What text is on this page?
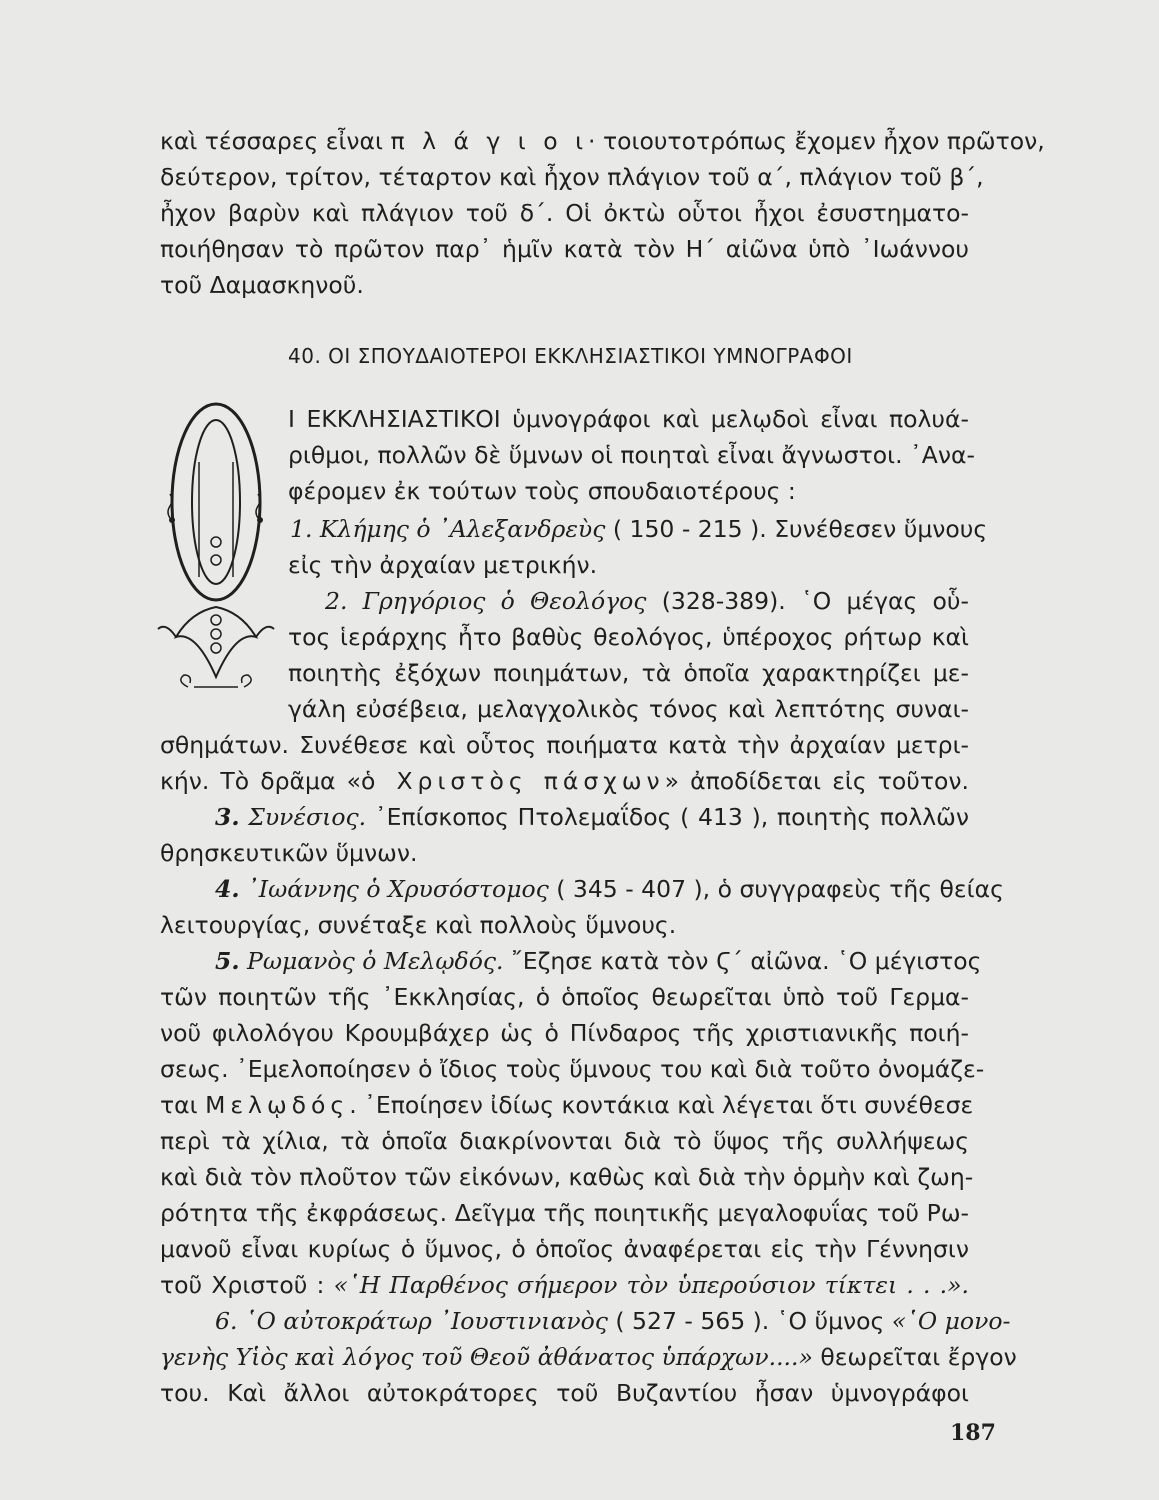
καὶ τέσσαρες εἶναι π λ ά γ ι ο ι· τοιουτοτρόπως ἔχομεν ἦχον πρῶτον,
δεύτερον, τρίτον, τέταρτον καὶ ἦχον πλάγιον τοῦ α΄, πλάγιον τοῦ β΄,
ἦχον βαρὺν καὶ πλάγιον τοῦ δ΄. Οἱ ὀκτὼ οὗτοι ἦχοι ἐσυστηματο-
ποιήθησαν τὸ πρῶτον παρ᾽ ἡμῖν κατὰ τὸν Η΄ αἰῶνα ὑπὸ ᾽Ιωάννου
τοῦ Δαμασκηνοῦ.
40. ΟΙ ΣΠΟΥΔΑΙΟΤΕΡΟΙ ΕΚΚΛΗΣΙΑΣΤΙΚΟΙ ΥΜΝΟΓΡΑΦΟΙ
Ι ΕΚΚΛΗΣΙΑΣΤΙΚΟΙ ὑμνογράφοι καὶ μελῳδοὶ εἶναι πολυά-
ριθμοι, πολλῶν δὲ ὕμνων οἱ ποιηταὶ εἶναι ἄγνωστοι. ᾽Ανα-
φέρομεν ἐκ τούτων τοὺς σπουδαιοτέρους :
1. Κλήμης ὁ ᾽Αλεξανδρεὺς ( 150 - 215 ). Συνέθεσεν ὕμνους
εἰς τὴν ἀρχαίαν μετρικήν.
2. Γρηγόριος ὁ Θεολόγος (328-389). ῾Ο μέγας οὗ-
τος ἱεράρχης ἦτο βαθὺς θεολόγος, ὑπέροχος ρήτωρ καὶ
ποιητὴς ἐξόχων ποιημάτων, τὰ ὁποῖα χαρακτηρίζει με-
γάλη εὐσέβεια, μελαγχολικὸς τόνος καὶ λεπτότης συναι-
σθημάτων. Συνέθεσε καὶ οὗτος ποιήματα κατὰ τὴν ἀρχαίαν μετρι-
κήν. Τὸ δρᾶμα «ὁ Χριστὸς πάσχων» ἀποδίδεται εἰς τοῦτον.
3. Συνέσιος. ᾽Επίσκοπος Πτολεμαΐδος ( 413 ), ποιητὴς πολλῶν
θρησκευτικῶν ὕμνων.
4. ᾽Ιωάννης ὁ Χρυσόστομος ( 345 - 407 ), ὁ συγγραφεὺς τῆς θείας
λειτουργίας, συνέταξε καὶ πολλοὺς ὕμνους.
5. Ρωμανὸς ὁ Μελῳδός. ῎Εζησε κατὰ τὸν Ϛ΄ αἰῶνα. ῾Ο μέγιστος
τῶν ποιητῶν τῆς ᾽Εκκλησίας, ὁ ὁποῖος θεωρεῖται ὑπὸ τοῦ Γερμα-
νοῦ φιλολόγου Κρουμβάχερ ὡς ὁ Πίνδαρος τῆς χριστιανικῆς ποιή-
σεως. ᾽Εμελοποίησεν ὁ ἴδιος τοὺς ὕμνους του καὶ διὰ τοῦτο ὀνομάζε-
ται Μελῳδός. ᾽Εποίησεν ἰδίως κοντάκια καὶ λέγεται ὅτι συνέθεσε
περὶ τὰ χίλια, τὰ ὁποῖα διακρίνονται διὰ τὸ ὕψος τῆς συλλήψεως
καὶ διὰ τὸν πλοῦτον τῶν εἰκόνων, καθὼς καὶ διὰ τὴν ὁρμὴν καὶ ζωη-
ρότητα τῆς ἐκφράσεως. Δεῖγμα τῆς ποιητικῆς μεγαλοφυΐας τοῦ Ρω-
μανοῦ εἶναι κυρίως ὁ ὕμνος, ὁ ὁποῖος ἀναφέρεται εἰς τὴν Γέννησιν
τοῦ Χριστοῦ : «῾Η Παρθένος σήμερον τὸν ὑπερούσιον τίκτει . . .».
6. ῾Ο αὐτοκράτωρ ᾽Ιουστινιανὸς ( 527 - 565 ). ῾Ο ὕμνος «῾Ο μονο-
γενὴς Υἱὸς καὶ λόγος τοῦ Θεοῦ ἀθάνατος ὑπάρχων....» θεωρεῖται ἔργον
του. Καὶ ἄλλοι αὐτοκράτορες τοῦ Βυζαντίου ἦσαν ὑμνογράφοι
187
